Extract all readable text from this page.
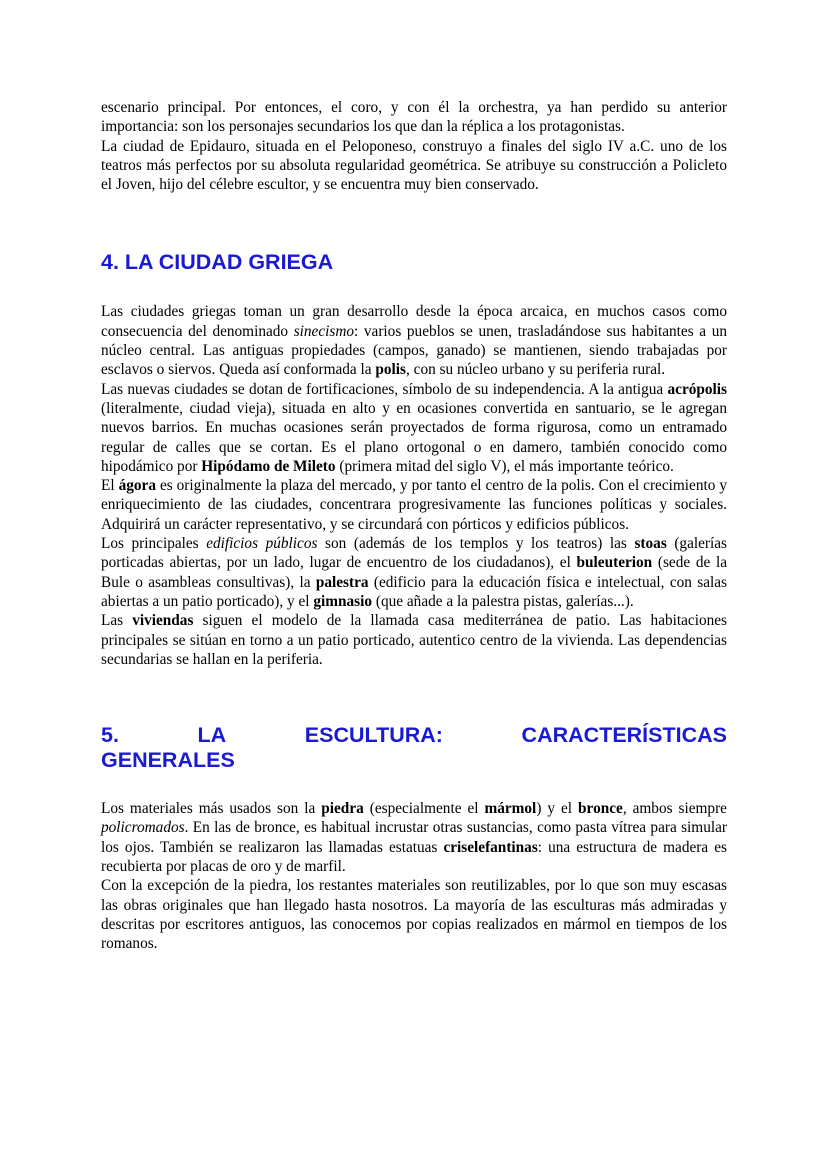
escenario principal. Por entonces, el coro, y con él la orchestra, ya han perdido su anterior importancia: son los personajes secundarios los que dan la réplica a los protagonistas.

La ciudad de Epidauro, situada en el Peloponeso, construyo a finales del siglo IV a.C. uno de los teatros más perfectos por su absoluta regularidad geométrica. Se atribuye su construcción a Policleto el Joven, hijo del célebre escultor, y se encuentra muy bien conservado.

4. LA CIUDAD GRIEGA

Las ciudades griegas toman un gran desarrollo desde la época arcaica, en muchos casos como consecuencia del denominado sinecismo: varios pueblos se unen, trasladándose sus habitantes a un núcleo central. Las antiguas propiedades (campos, ganado) se mantienen, siendo trabajadas por esclavos o siervos. Queda así conformada la polis, con su núcleo urbano y su periferia rural.

Las nuevas ciudades se dotan de fortificaciones, símbolo de su independencia. A la antigua acrópolis (literalmente, ciudad vieja), situada en alto y en ocasiones convertida en santuario, se le agregan nuevos barrios. En muchas ocasiones serán proyectados de forma rigurosa, como un entramado regular de calles que se cortan. Es el plano ortogonal o en damero, también conocido como hipodámico por Hipódamo de Mileto (primera mitad del siglo V), el más importante teórico.

El ágora es originalmente la plaza del mercado, y por tanto el centro de la polis. Con el crecimiento y enriquecimiento de las ciudades, concentrara progresivamente las funciones políticas y sociales. Adquirirá un carácter representativo, y se circundará con pórticos y edificios públicos.

Los principales edificios públicos son (además de los templos y los teatros) las stoas (galerías porticadas abiertas, por un lado, lugar de encuentro de los ciudadanos), el buleuterion (sede de la Bule o asambleas consultivas), la palestra (edificio para la educación física e intelectual, con salas abiertas a un patio porticado), y el gimnasio (que añade a la palestra pistas, galerías...).

Las viviendas siguen el modelo de la llamada casa mediterránea de patio. Las habitaciones principales se sitúan en torno a un patio porticado, autentico centro de la vivienda. Las dependencias secundarias se hallan en la periferia.

5.	LA	ESCULTURA:	CARACTERÍSTICAS
GENERALES

Los materiales más usados son la piedra (especialmente el mármol) y el bronce, ambos siempre policromados. En las de bronce, es habitual incrustar otras sustancias, como pasta vítrea para simular los ojos. También se realizaron las llamadas estatuas criselefantinas: una estructura de madera es recubierta por placas de oro y de marfil.

Con la excepción de la piedra, los restantes materiales son reutilizables, por lo que son muy escasas las obras originales que han llegado hasta nosotros. La mayoría de las esculturas más admiradas y descritas por escritores antiguos, las conocemos por copias realizados en mármol en tiempos de los romanos.
